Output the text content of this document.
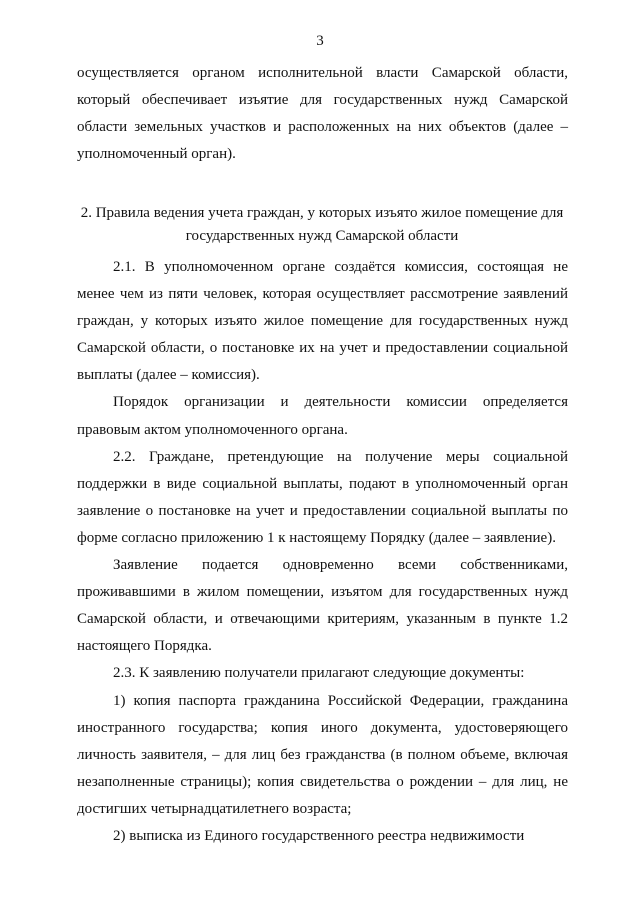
3

осуществляется органом исполнительной власти Самарской области, который обеспечивает изъятие для государственных нужд Самарской области земельных участков и расположенных на них объектов (далее – уполномоченный орган).

2. Правила ведения учета граждан, у которых изъято жилое помещение для государственных нужд Самарской области

2.1. В уполномоченном органе создаётся комиссия, состоящая не менее чем из пяти человек, которая осуществляет рассмотрение заявлений граждан, у которых изъято жилое помещение для государственных нужд Самарской области, о постановке их на учет и предоставлении социальной выплаты (далее – комиссия).

Порядок организации и деятельности комиссии определяется правовым актом уполномоченного органа.

2.2. Граждане, претендующие на получение меры социальной поддержки в виде социальной выплаты, подают в уполномоченный орган заявление о постановке на учет и предоставлении социальной выплаты по форме согласно приложению 1 к настоящему Порядку (далее – заявление).

Заявление подается одновременно всеми собственниками, проживавшими в жилом помещении, изъятом для государственных нужд Самарской области, и отвечающими критериям, указанным в пункте 1.2 настоящего Порядка.

2.3. К заявлению получатели прилагают следующие документы:

1) копия паспорта гражданина Российской Федерации, гражданина иностранного государства; копия иного документа, удостоверяющего личность заявителя, – для лиц без гражданства (в полном объеме, включая незаполненные страницы); копия свидетельства о рождении – для лиц, не достигших четырнадцатилетнего возраста;

2) выписка из Единого государственного реестра недвижимости
